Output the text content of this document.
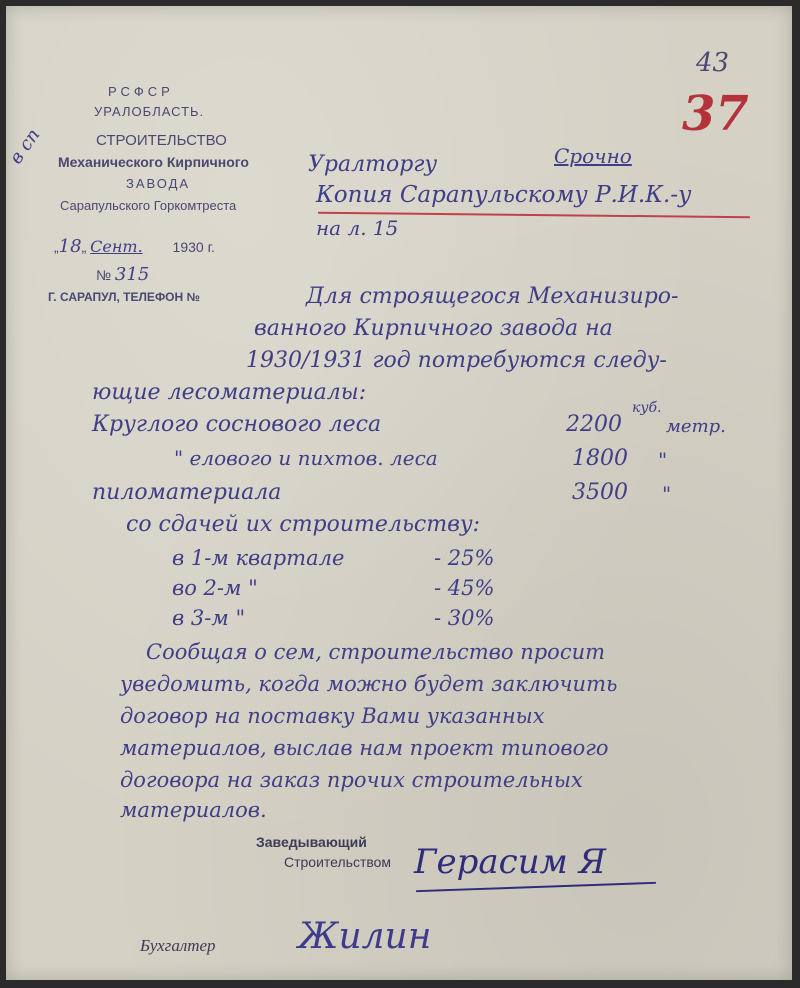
РСФСР
УРАЛОБЛАСТЬ.
СТРОИТЕЛЬСТВО
Механического Кирпичного
ЗАВОДА
Сарапульского Горкомтреста
„18„ Сент. 1930 г.
№ 315
Г. САРАПУЛ, ТЕЛЕФОН №
в сп
43
37
Уралторгу	Срочно
Копия Сарапульскому Р.И.К.-у
на л. 15
Для строящегося Механизиро-
ванного Кирпичного завода на
1930/1931 год потребуются следу-
ющие лесоматериалы:
Круглого соснового леса	2200
куб.
метр.
" елового и пихтов. леса	1800 "
пиломатериала	3500 "
со сдачей их строительству:
в 1-м квартале	- 25%
во 2-м "	- 45%
в 3-м "	- 30%
Сообщая о сем, строительство просит
уведомить, когда можно будет заключить
договор на поставку Вами указанных
материалов, выслав нам проект типового
договора на заказ прочих строительных
материалов.
Заведывающий
Строительством Герасим Я
Бухгалтер Жилин
